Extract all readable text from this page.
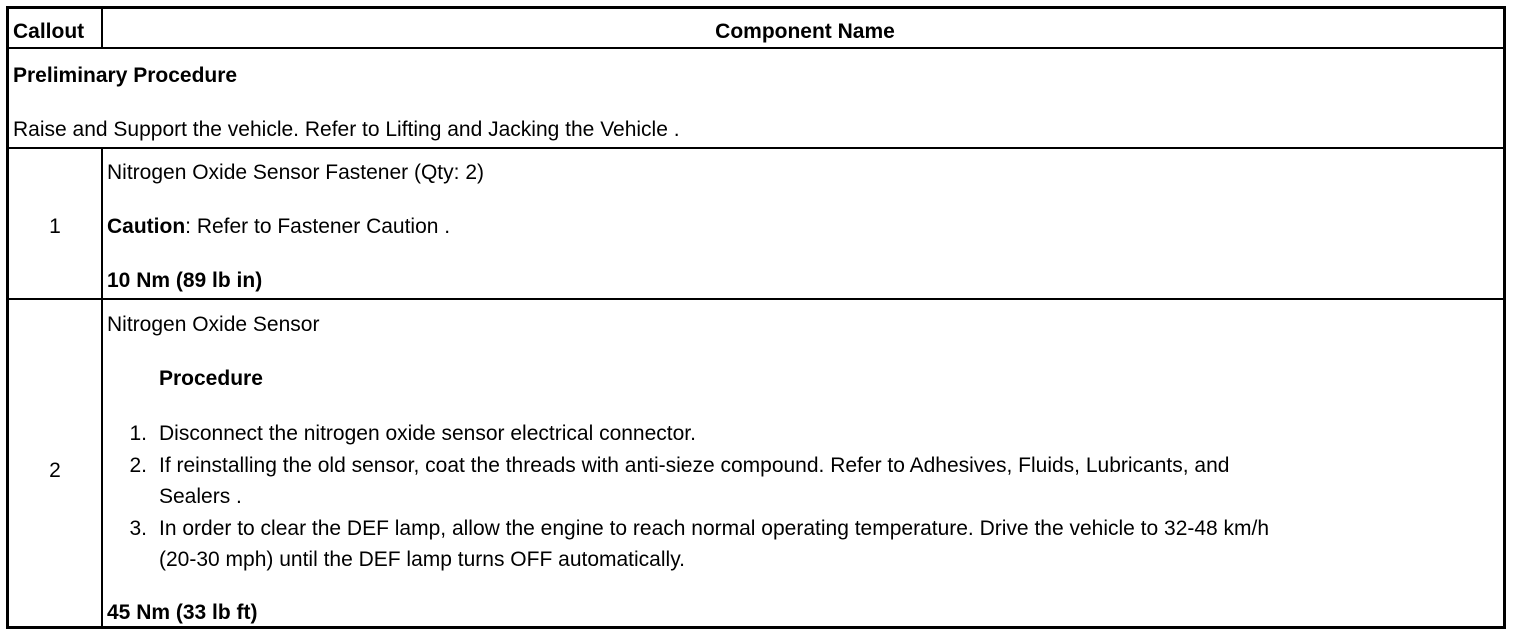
Callout	Component Name
Preliminary Procedure
Raise and Support the vehicle. Refer to Lifting and Jacking the Vehicle .
1
Nitrogen Oxide Sensor Fastener (Qty: 2)
Caution: Refer to Fastener Caution .
10 Nm (89 lb in)
2
Nitrogen Oxide Sensor
Procedure
1. Disconnect the nitrogen oxide sensor electrical connector.
2. If reinstalling the old sensor, coat the threads with anti-sieze compound. Refer to Adhesives, Fluids, Lubricants, and
Sealers .
3. In order to clear the DEF lamp, allow the engine to reach normal operating temperature. Drive the vehicle to 32-48 km/h
(20-30 mph) until the DEF lamp turns OFF automatically.
45 Nm (33 lb ft)
